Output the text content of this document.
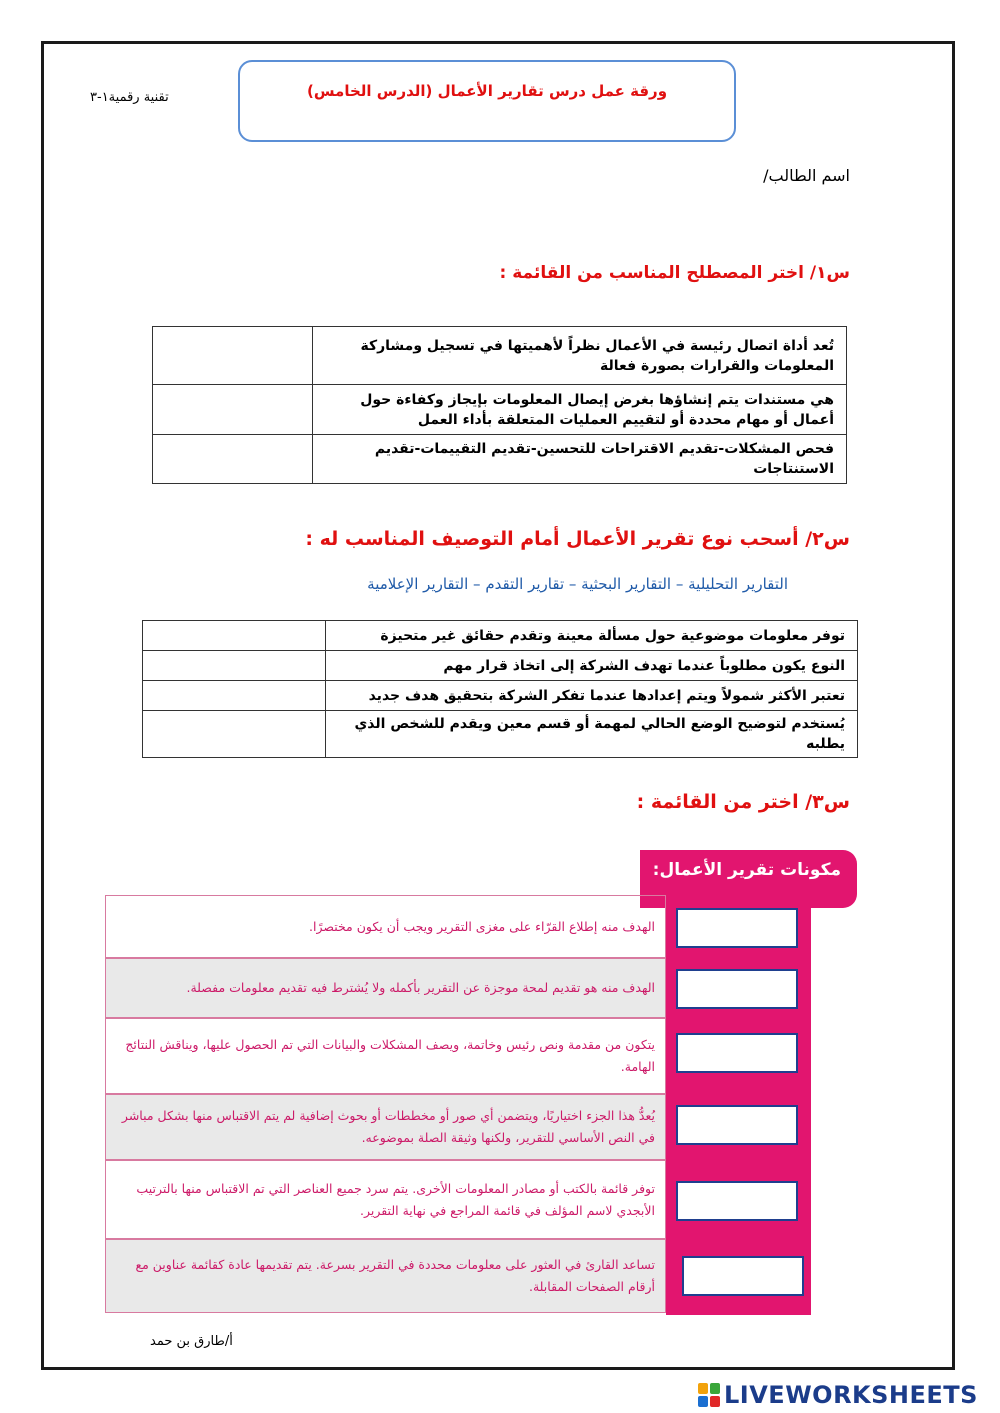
تقنية رقمية١-٣	ورقة عمل درس تقارير الأعمال (الدرس الخامس)
اسم الطالب/
س١/ اختر المصطلح المناسب من القائمة :
تُعد أداة اتصال رئيسة في الأعمال نظراً لأهميتها في تسجيل ومشاركة المعلومات والقرارات بصورة فعالة	
هي مستندات يتم إنشاؤها بغرض إيصال المعلومات بإيجاز وكفاءة حول أعمال أو مهام محددة أو لتقييم العمليات المتعلقة بأداء العمل	
فحص المشكلات-تقديم الاقتراحات للتحسين-تقديم التقييمات-تقديم الاستنتاجات	
س٢/ أسحب نوع تقرير الأعمال أمام التوصيف المناسب له :
التقارير التحليلية – التقارير البحثية – تقارير التقدم – التقارير الإعلامية
توفر معلومات موضوعية حول مسألة معينة وتقدم حقائق غير متحيزة	
النوع يكون مطلوباً عندما تهدف الشركة إلى اتخاذ قرار مهم	
تعتبر الأكثر شمولاً ويتم إعدادها عندما تفكر الشركة بتحقيق هدف جديد	
يُستخدم لتوضيح الوضع الحالي لمهمة أو قسم معين ويقدم للشخص الذي يطلبه	
س٣/ اختر من القائمة :
مكونات تقرير الأعمال:
الهدف منه إطلاع القرّاء على مغزى التقرير ويجب أن يكون مختصرًا.
الهدف منه هو تقديم لمحة موجزة عن التقرير بأكمله ولا يُشترط فيه تقديم معلومات مفصلة.
يتكون من مقدمة ونص رئيس وخاتمة، ويصف المشكلات والبيانات التي تم الحصول عليها، ويناقش النتائج الهامة.
يُعدُّ هذا الجزء اختياريًا، ويتضمن أي صور أو مخططات أو بحوث إضافية لم يتم الاقتباس منها بشكل مباشر في النص الأساسي للتقرير، ولكنها وثيقة الصلة بموضوعه.
توفر قائمة بالكتب أو مصادر المعلومات الأخرى. يتم سرد جميع العناصر التي تم الاقتباس منها بالترتيب الأبجدي لاسم المؤلف في قائمة المراجع في نهاية التقرير.
تساعد القارئ في العثور على معلومات محددة في التقرير بسرعة. يتم تقديمها عادة كقائمة عناوين مع أرقام الصفحات المقابلة.
أ/طارق بن حمد
LIVEWORKSHEETS
